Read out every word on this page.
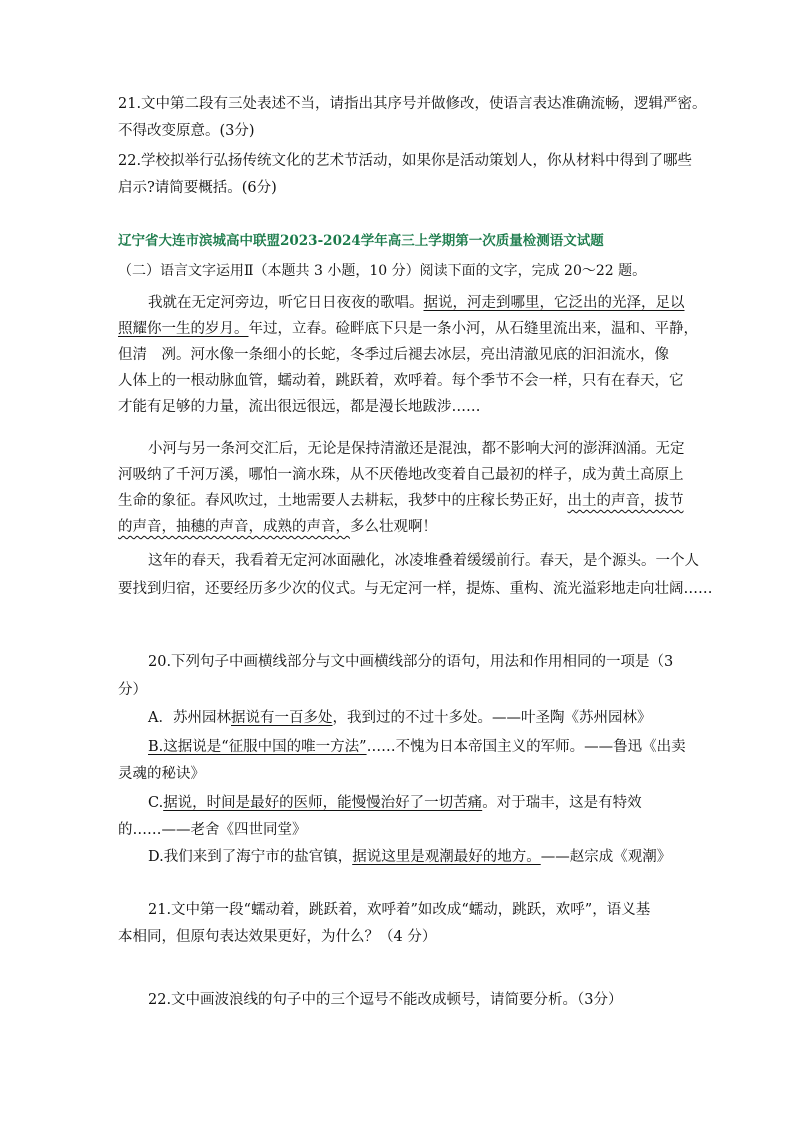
21.文中第二段有三处表述不当，请指出其序号并做修改，使语言表达准确流畅，逻辑严密。
不得改变原意。(3分)
22.学校拟举行弘扬传统文化的艺术节活动，如果你是活动策划人，你从材料中得到了哪些
启示?请简要概括。(6分)
辽宁省大连市滨城高中联盟2023-2024学年高三上学期第一次质量检测语文试题
（二）语言文字运用Ⅱ（本题共 3 小题，10 分）阅读下面的文字，完成 20～22 题。
我就在无定河旁边，听它日日夜夜的歌唱。据说，河走到哪里，它泛出的光泽，足以
照耀你一生的岁月。年过，立春。硷畔底下只是一条小河，从石缝里流出来，温和、平静，
但清　冽。河水像一条细小的长蛇，冬季过后褪去冰层，亮出清澈见底的汩汩流水，像
人体上的一根动脉血管，蠕动着，跳跃着，欢呼着。每个季节不会一样，只有在春天，它
才能有足够的力量，流出很远很远，都是漫长地跋涉……
小河与另一条河交汇后，无论是保持清澈还是混浊，都不影响大河的澎湃汹涌。无定
河吸纳了千河万溪，哪怕一滴水珠，从不厌倦地改变着自己最初的样子，成为黄土高原上
生命的象征。春风吹过，土地需要人去耕耘，我梦中的庄稼长势正好，出土的声音，拔节
的声音，抽穗的声音，成熟的声音，多么壮观啊！
这年的春天，我看着无定河冰面融化，冰凌堆叠着缓缓前行。春天，是个源头。一个人
要找到归宿，还要经历多少次的仪式。与无定河一样，提炼、重构、流光溢彩地走向壮阔……
20.下列句子中画横线部分与文中画横线部分的语句，用法和作用相同的一项是（3
分）
A．苏州园林据说有一百多处，我到过的不过十多处。——叶圣陶《苏州园林》
B.这据说是“征服中国的唯一方法”……不愧为日本帝国主义的军师。——鲁迅《出卖
灵魂的秘诀》
C.据说，时间是最好的医师，能慢慢治好了一切苦痛。对于瑞丰，这是有特效
的……——老舍《四世同堂》
D.我们来到了海宁市的盐官镇，据说这里是观潮最好的地方。——赵宗成《观潮》
21.文中第一段“蠕动着，跳跃着，欢呼着”如改成“蠕动，跳跃，欢呼”，语义基
本相同，但原句表达效果更好，为什么？（4 分）
22.文中画波浪线的句子中的三个逗号不能改成顿号，请简要分析。（3分）
